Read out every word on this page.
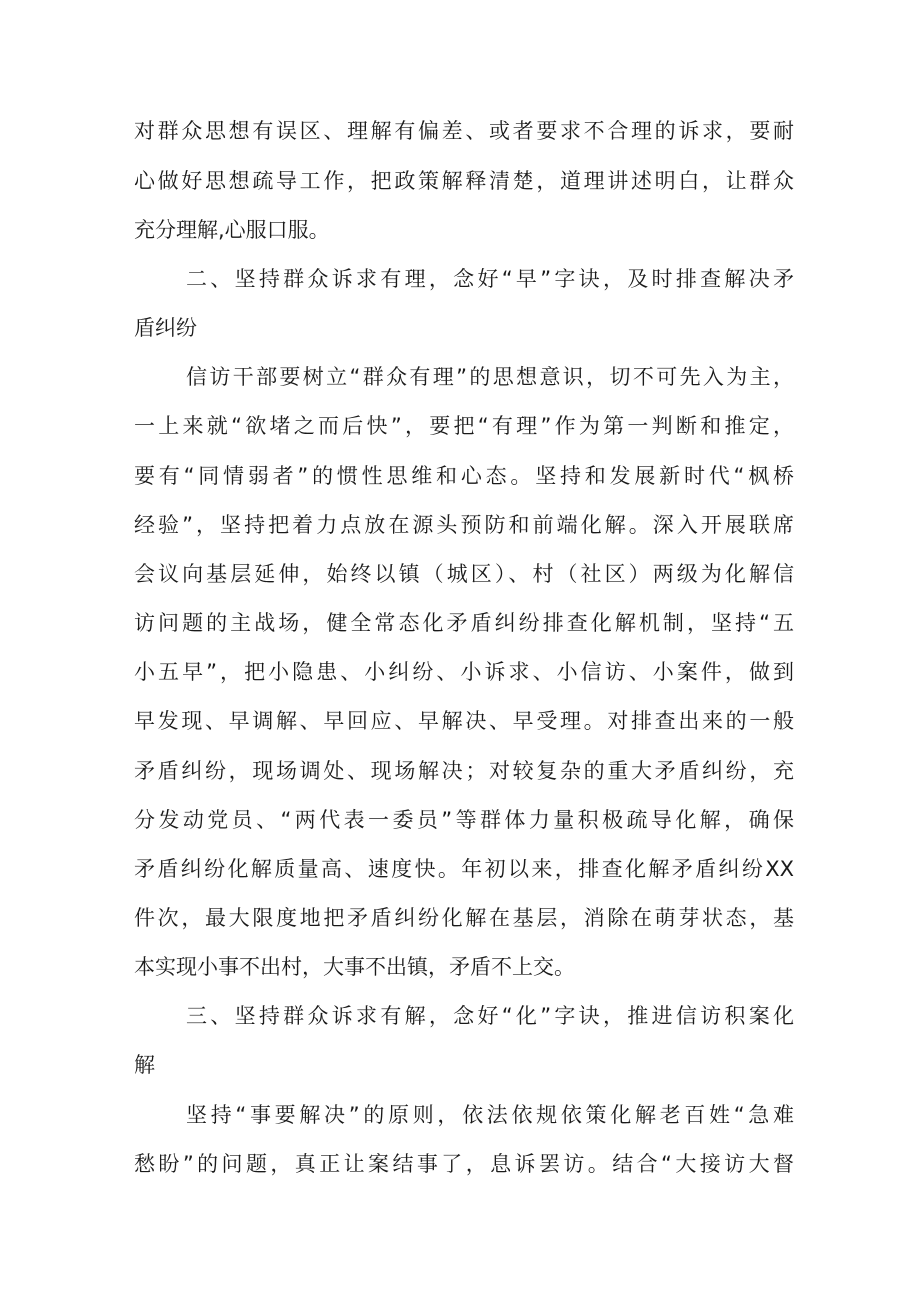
对群众思想有误区、理解有偏差、或者要求不合理的诉求，要耐
心做好思想疏导工作，把政策解释清楚，道理讲述明白，让群众
充分理解,心服口服。
二、坚持群众诉求有理，念好“早”字诀，及时排查解决矛
盾纠纷
信访干部要树立“群众有理”的思想意识，切不可先入为主，
一上来就“欲堵之而后快”，要把“有理”作为第一判断和推定，
要有“同情弱者”的惯性思维和心态。坚持和发展新时代“枫桥
经验”，坚持把着力点放在源头预防和前端化解。深入开展联席
会议向基层延伸，始终以镇（城区）、村（社区）两级为化解信
访问题的主战场，健全常态化矛盾纠纷排查化解机制，坚持“五
小五早”，把小隐患、小纠纷、小诉求、小信访、小案件，做到
早发现、早调解、早回应、早解决、早受理。对排查出来的一般
矛盾纠纷，现场调处、现场解决；对较复杂的重大矛盾纠纷，充
分发动党员、“两代表一委员”等群体力量积极疏导化解，确保
矛盾纠纷化解质量高、速度快。年初以来，排查化解矛盾纠纷XX
件次，最大限度地把矛盾纠纷化解在基层，消除在萌芽状态，基
本实现小事不出村，大事不出镇，矛盾不上交。
三、坚持群众诉求有解，念好“化”字诀，推进信访积案化
解
坚持“事要解决”的原则，依法依规依策化解老百姓“急难
愁盼”的问题，真正让案结事了，息诉罢访。结合“大接访大督
